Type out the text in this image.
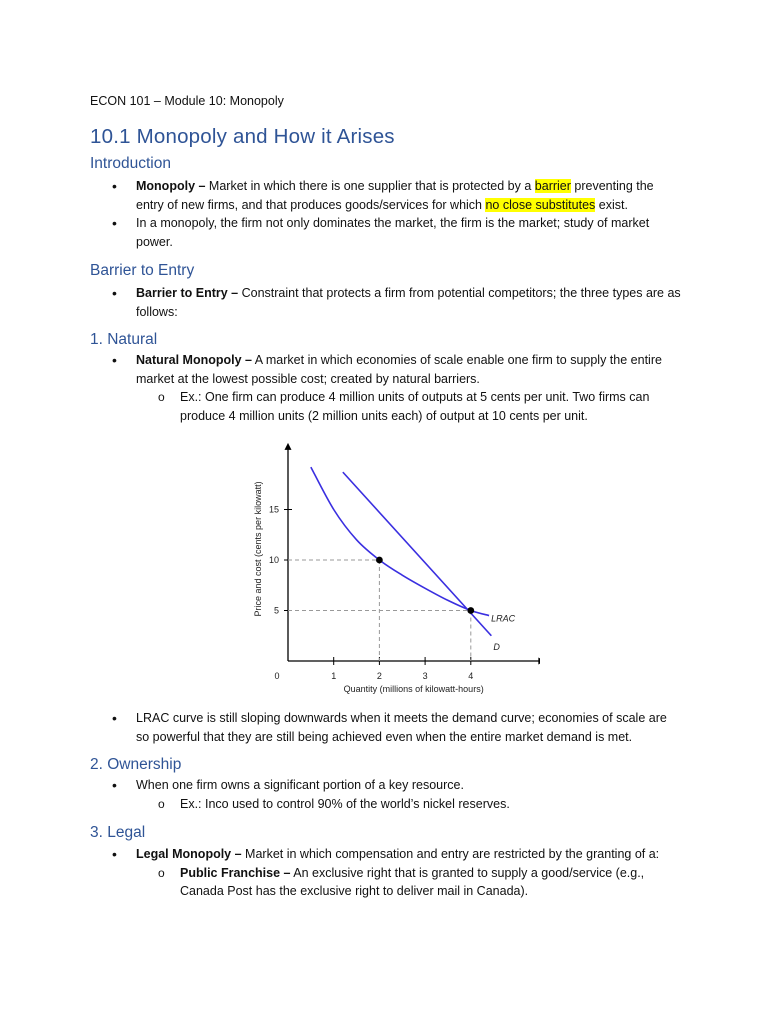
ECON 101 – Module 10: Monopoly
10.1 Monopoly and How it Arises
Introduction
• Monopoly – Market in which there is one supplier that is protected by a barrier preventing the entry of new firms, and that produces goods/services for which no close substitutes exist.
• In a monopoly, the firm not only dominates the market, the firm is the market; study of market power.
Barrier to Entry
• Barrier to Entry – Constraint that protects a firm from potential competitors; the three types are as follows:
1. Natural
• Natural Monopoly – A market in which economies of scale enable one firm to supply the entire market at the lowest possible cost; created by natural barriers.
o Ex.: One firm can produce 4 million units of outputs at 5 cents per unit. Two firms can produce 4 million units (2 million units each) of output at 10 cents per unit.
0	1	2	3	4
5
10
15
LRAC
D
Quantity (millions of kilowatt-hours)
Price and cost (cents per kilowatt)
• LRAC curve is still sloping downwards when it meets the demand curve; economies of scale are so powerful that they are still being achieved even when the entire market demand is met.
2. Ownership
• When one firm owns a significant portion of a key resource.
o Ex.: Inco used to control 90% of the world’s nickel reserves.
3. Legal
• Legal Monopoly – Market in which compensation and entry are restricted by the granting of a:
o Public Franchise – An exclusive right that is granted to supply a good/service (e.g., Canada Post has the exclusive right to deliver mail in Canada).
